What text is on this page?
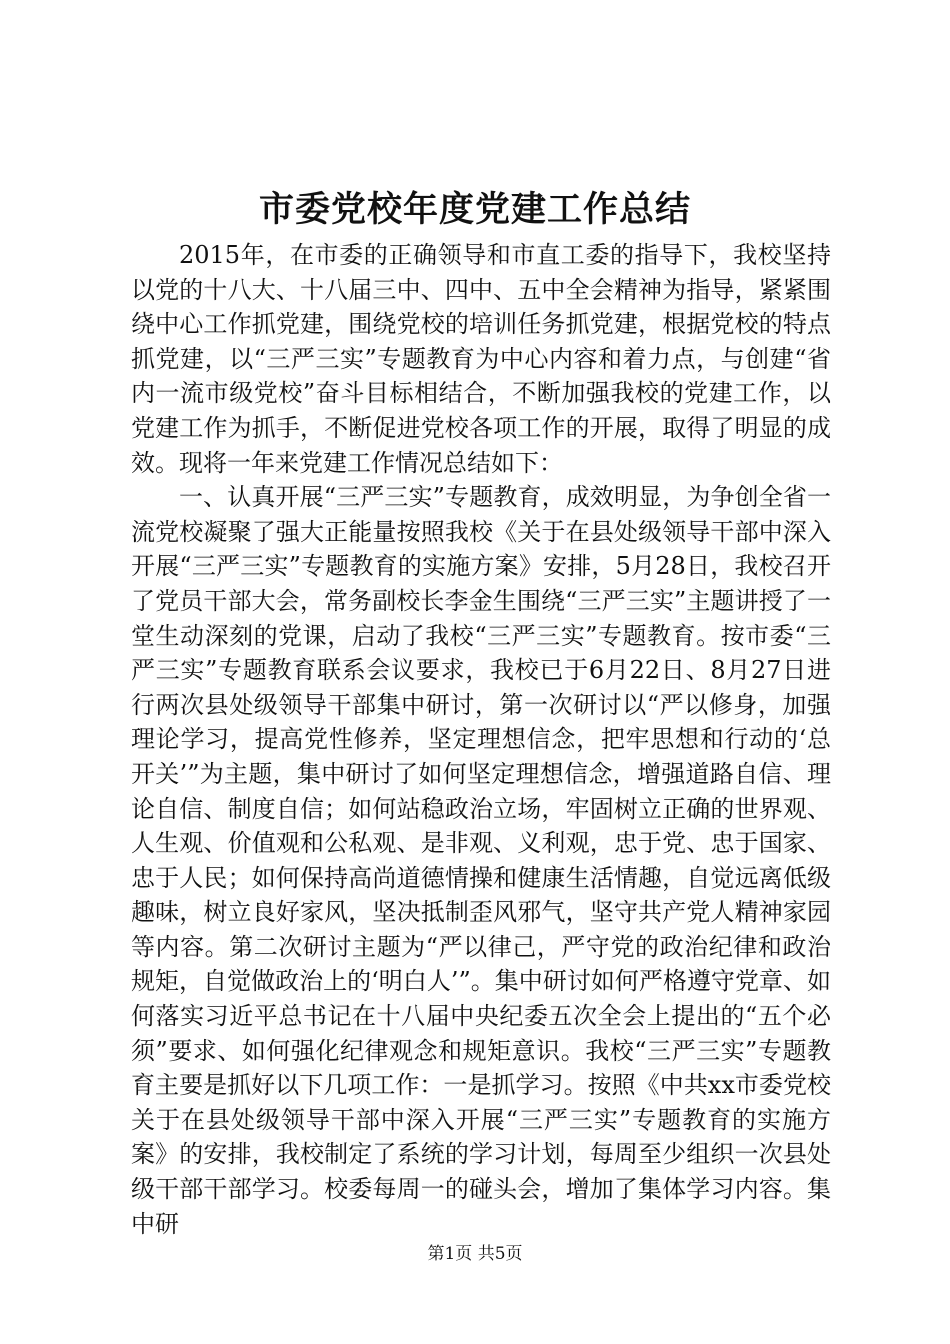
市委党校年度党建工作总结

2015年，在市委的正确领导和市直工委的指导下，我校坚持以党的十八大、十八届三中、四中、五中全会精神为指导，紧紧围绕中心工作抓党建，围绕党校的培训任务抓党建，根据党校的特点抓党建，以“三严三实”专题教育为中心内容和着力点，与创建“省内一流市级党校”奋斗目标相结合，不断加强我校的党建工作，以党建工作为抓手，不断促进党校各项工作的开展，取得了明显的成效。现将一年来党建工作情况总结如下：

一、认真开展“三严三实”专题教育，成效明显，为争创全省一流党校凝聚了强大正能量按照我校《关于在县处级领导干部中深入开展“三严三实”专题教育的实施方案》安排，5月28日，我校召开了党员干部大会，常务副校长李金生围绕“三严三实”主题讲授了一堂生动深刻的党课，启动了我校“三严三实”专题教育。按市委“三严三实”专题教育联系会议要求，我校已于6月22日、8月27日进行两次县处级领导干部集中研讨，第一次研讨以“严以修身，加强理论学习，提高党性修养，坚定理想信念，把牢思想和行动的‘总开关’”为主题，集中研讨了如何坚定理想信念，增强道路自信、理论自信、制度自信；如何站稳政治立场，牢固树立正确的世界观、人生观、价值观和公私观、是非观、义利观，忠于党、忠于国家、忠于人民；如何保持高尚道德情操和健康生活情趣，自觉远离低级趣味，树立良好家风，坚决抵制歪风邪气，坚守共产党人精神家园等内容。第二次研讨主题为“严以律己，严守党的政治纪律和政治规矩，自觉做政治上的‘明白人’”。集中研讨如何严格遵守党章、如何落实习近平总书记在十八届中央纪委五次全会上提出的“五个必须”要求、如何强化纪律观念和规矩意识。我校“三严三实”专题教育主要是抓好以下几项工作：一是抓学习。按照《中共xx市委党校关于在县处级领导干部中深入开展“三严三实”专题教育的实施方案》的安排，我校制定了系统的学习计划，每周至少组织一次县处级干部干部学习。校委每周一的碰头会，增加了集体学习内容。集中研

第1页 共5页
